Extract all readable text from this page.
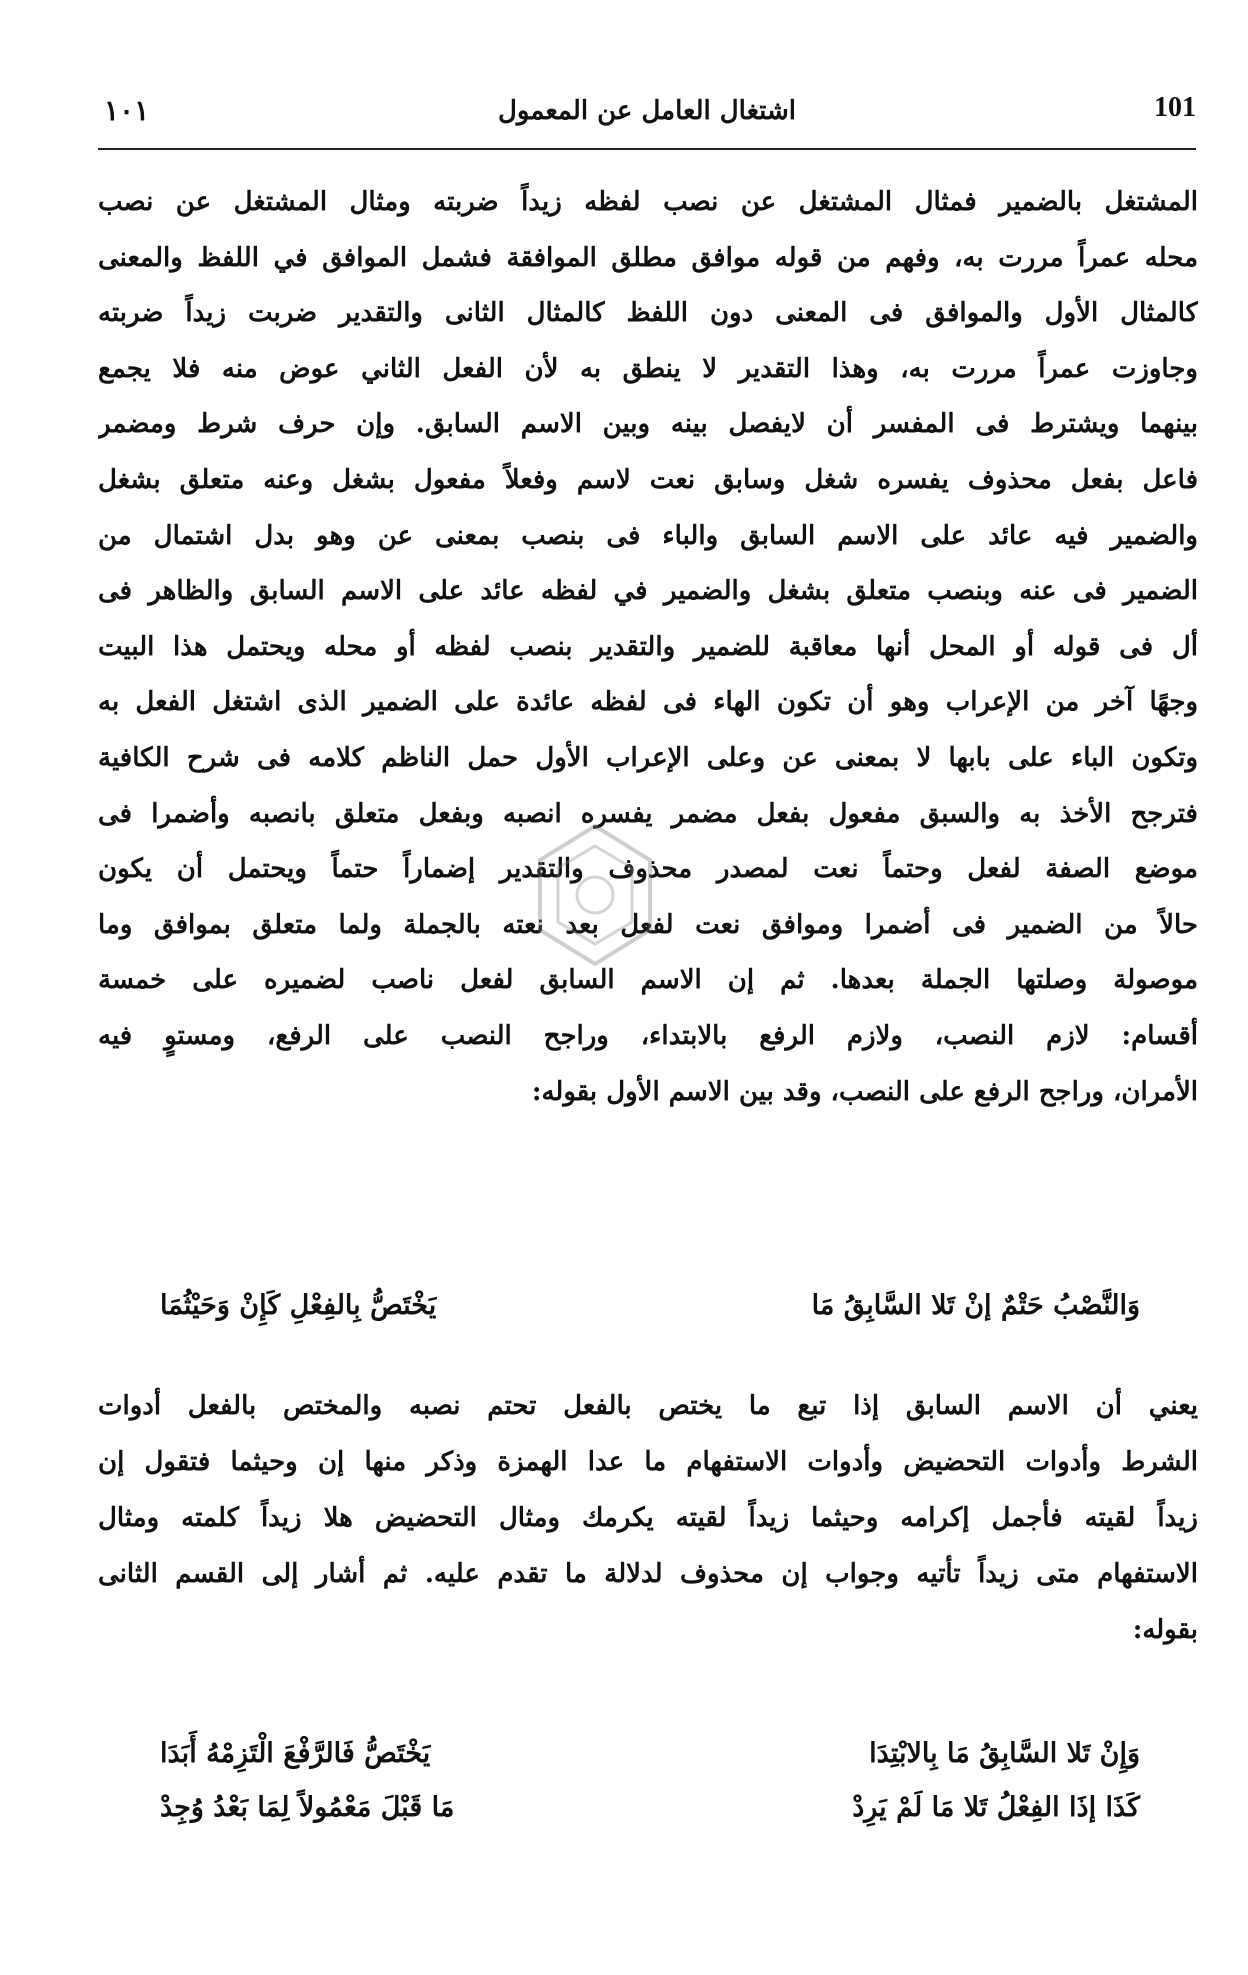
101
اشتغال العامل عن المعمول
١٠١
المشتغل بالضمير فمثال المشتغل عن نصب لفظه زيداً ضربته ومثال المشتغل عن نصب
محله عمراً مررت به، وفهم من قوله موافق مطلق الموافقة فشمل الموافق في اللفظ والمعنى
كالمثال الأول والموافق فى المعنى دون اللفظ كالمثال الثانى والتقدير ضربت زيداً ضربته
وجاوزت عمراً مررت به، وهذا التقدير لا ينطق به لأن الفعل الثاني عوض منه فلا يجمع
بينهما ويشترط فى المفسر أن لايفصل بينه وبين الاسم السابق. وإن حرف شرط ومضمر
فاعل بفعل محذوف يفسره شغل وسابق نعت لاسم وفعلاً مفعول بشغل وعنه متعلق بشغل
والضمير فيه عائد على الاسم السابق والباء فى بنصب بمعنى عن وهو بدل اشتمال من
الضمير فى عنه وبنصب متعلق بشغل والضمير في لفظه عائد على الاسم السابق والظاهر فى
أل فى قوله أو المحل أنها معاقبة للضمير والتقدير بنصب لفظه أو محله ويحتمل هذا البيت
وجهًا آخر من الإعراب وهو أن تكون الهاء فى لفظه عائدة على الضمير الذى اشتغل الفعل به
وتكون الباء على بابها لا بمعنى عن وعلى الإعراب الأول حمل الناظم كلامه فى شرح الكافية
فترجح الأخذ به والسبق مفعول بفعل مضمر يفسره انصبه وبفعل متعلق بانصبه وأضمرا فى
موضع الصفة لفعل وحتماً نعت لمصدر محذوف والتقدير إضماراً حتماً ويحتمل أن يكون
حالاً من الضمير فى أضمرا وموافق نعت لفعل بعد نعته بالجملة ولما متعلق بموافق وما
موصولة وصلتها الجملة بعدها. ثم إن الاسم السابق لفعل ناصب لضميره على خمسة
أقسام: لازم النصب، ولازم الرفع بالابتداء، وراجح النصب على الرفع، ومستوٍ فيه
الأمران، وراجح الرفع على النصب، وقد بين الاسم الأول بقوله:
وَالنَّصْبُ حَتْمٌ إنْ تَلا السَّابِقُ مَا
يَخْتَصُّ بِالفِعْلِ كَإِنْ وَحَيْثُمَا
يعني أن الاسم السابق إذا تبع ما يختص بالفعل تحتم نصبه والمختص بالفعل أدوات
الشرط وأدوات التحضيض وأدوات الاستفهام ما عدا الهمزة وذكر منها إن وحيثما فتقول إن
زيداً لقيته فأجمل إكرامه وحيثما زيداً لقيته يكرمك ومثال التحضيض هلا زيداً كلمته ومثال
الاستفهام متى زيداً تأتيه وجواب إن محذوف لدلالة ما تقدم عليه. ثم أشار إلى القسم الثانى
بقوله:
وَإِنْ تَلا السَّابِقُ مَا بِالابْتِدَا
يَخْتَصُّ فَالرَّفْعَ الْتَزِمْهُ أَبَدَا
كَذَا إذَا الفِعْلُ تَلا مَا لَمْ يَرِدْ
مَا قَبْلَ مَعْمُولاً لِمَا بَعْدُ وُجِدْ
